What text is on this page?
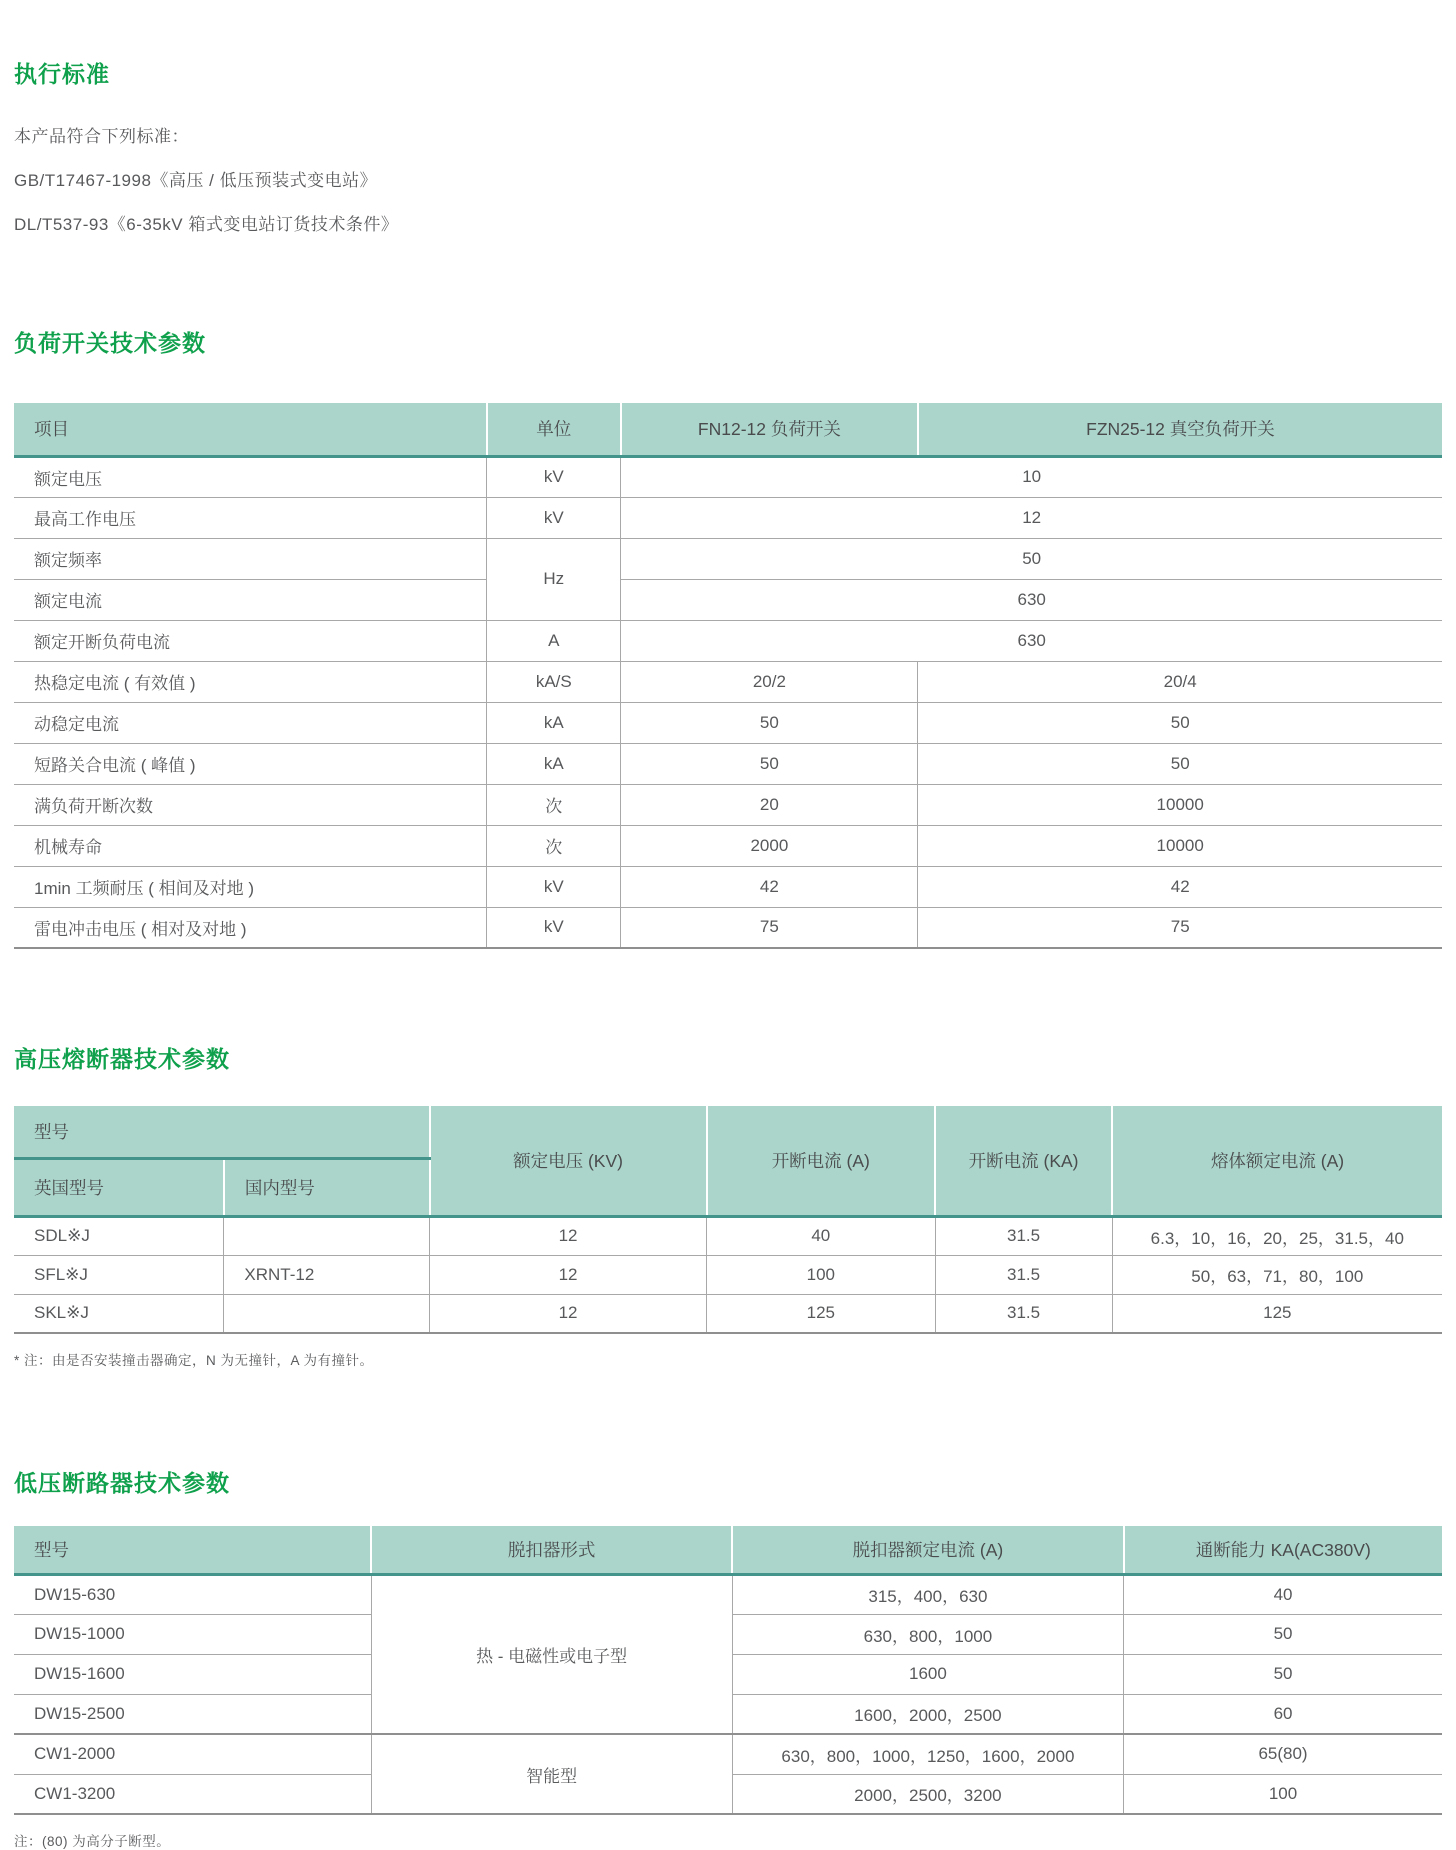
执行标准
本产品符合下列标准：
GB/T17467-1998《高压 / 低压预装式变电站》
DL/T537-93《6-35kV 箱式变电站订货技术条件》
负荷开关技术参数
项目	单位	FN12-12 负荷开关	FZN25-12 真空负荷开关
额定电压	kV	10	
最高工作电压	kV	12	
额定频率	Hz	50	
额定电流		630	
额定开断负荷电流	A	630	
热稳定电流 ( 有效值 )	kA/S	20/2	20/4
动稳定电流	kA	50	50
短路关合电流 ( 峰值 )	kA	50	50
满负荷开断次数	次	20	10000
机械寿命	次	2000	10000
1min 工频耐压 ( 相间及对地 )	kV	42	42
雷电冲击电压 ( 相对及对地 )	kV	75	75
高压熔断器技术参数
型号		额定电压 (KV)	开断电流 (A)	开断电流 (KA)	熔体额定电流 (A)
英国型号	国内型号				
SDL※J		12	40	31.5	6.3，10，16，20，25，31.5，40
SFL※J	XRNT-12	12	100	31.5	50，63，71，80，100
SKL※J		12	125	31.5	125
* 注：由是否安装撞击器确定，N 为无撞针，A 为有撞针。
低压断路器技术参数
型号	脱扣器形式	脱扣器额定电流 (A)	通断能力 KA(AC380V)
DW15-630	热 - 电磁性或电子型	315，400，630	40
DW15-1000		630，800，1000	50
DW15-1600		1600	50
DW15-2500		1600，2000，2500	60
CW1-2000	智能型	630，800，1000，1250，1600，2000	65(80)
CW1-3200		2000，2500，3200	100
注：(80) 为高分子断型。
